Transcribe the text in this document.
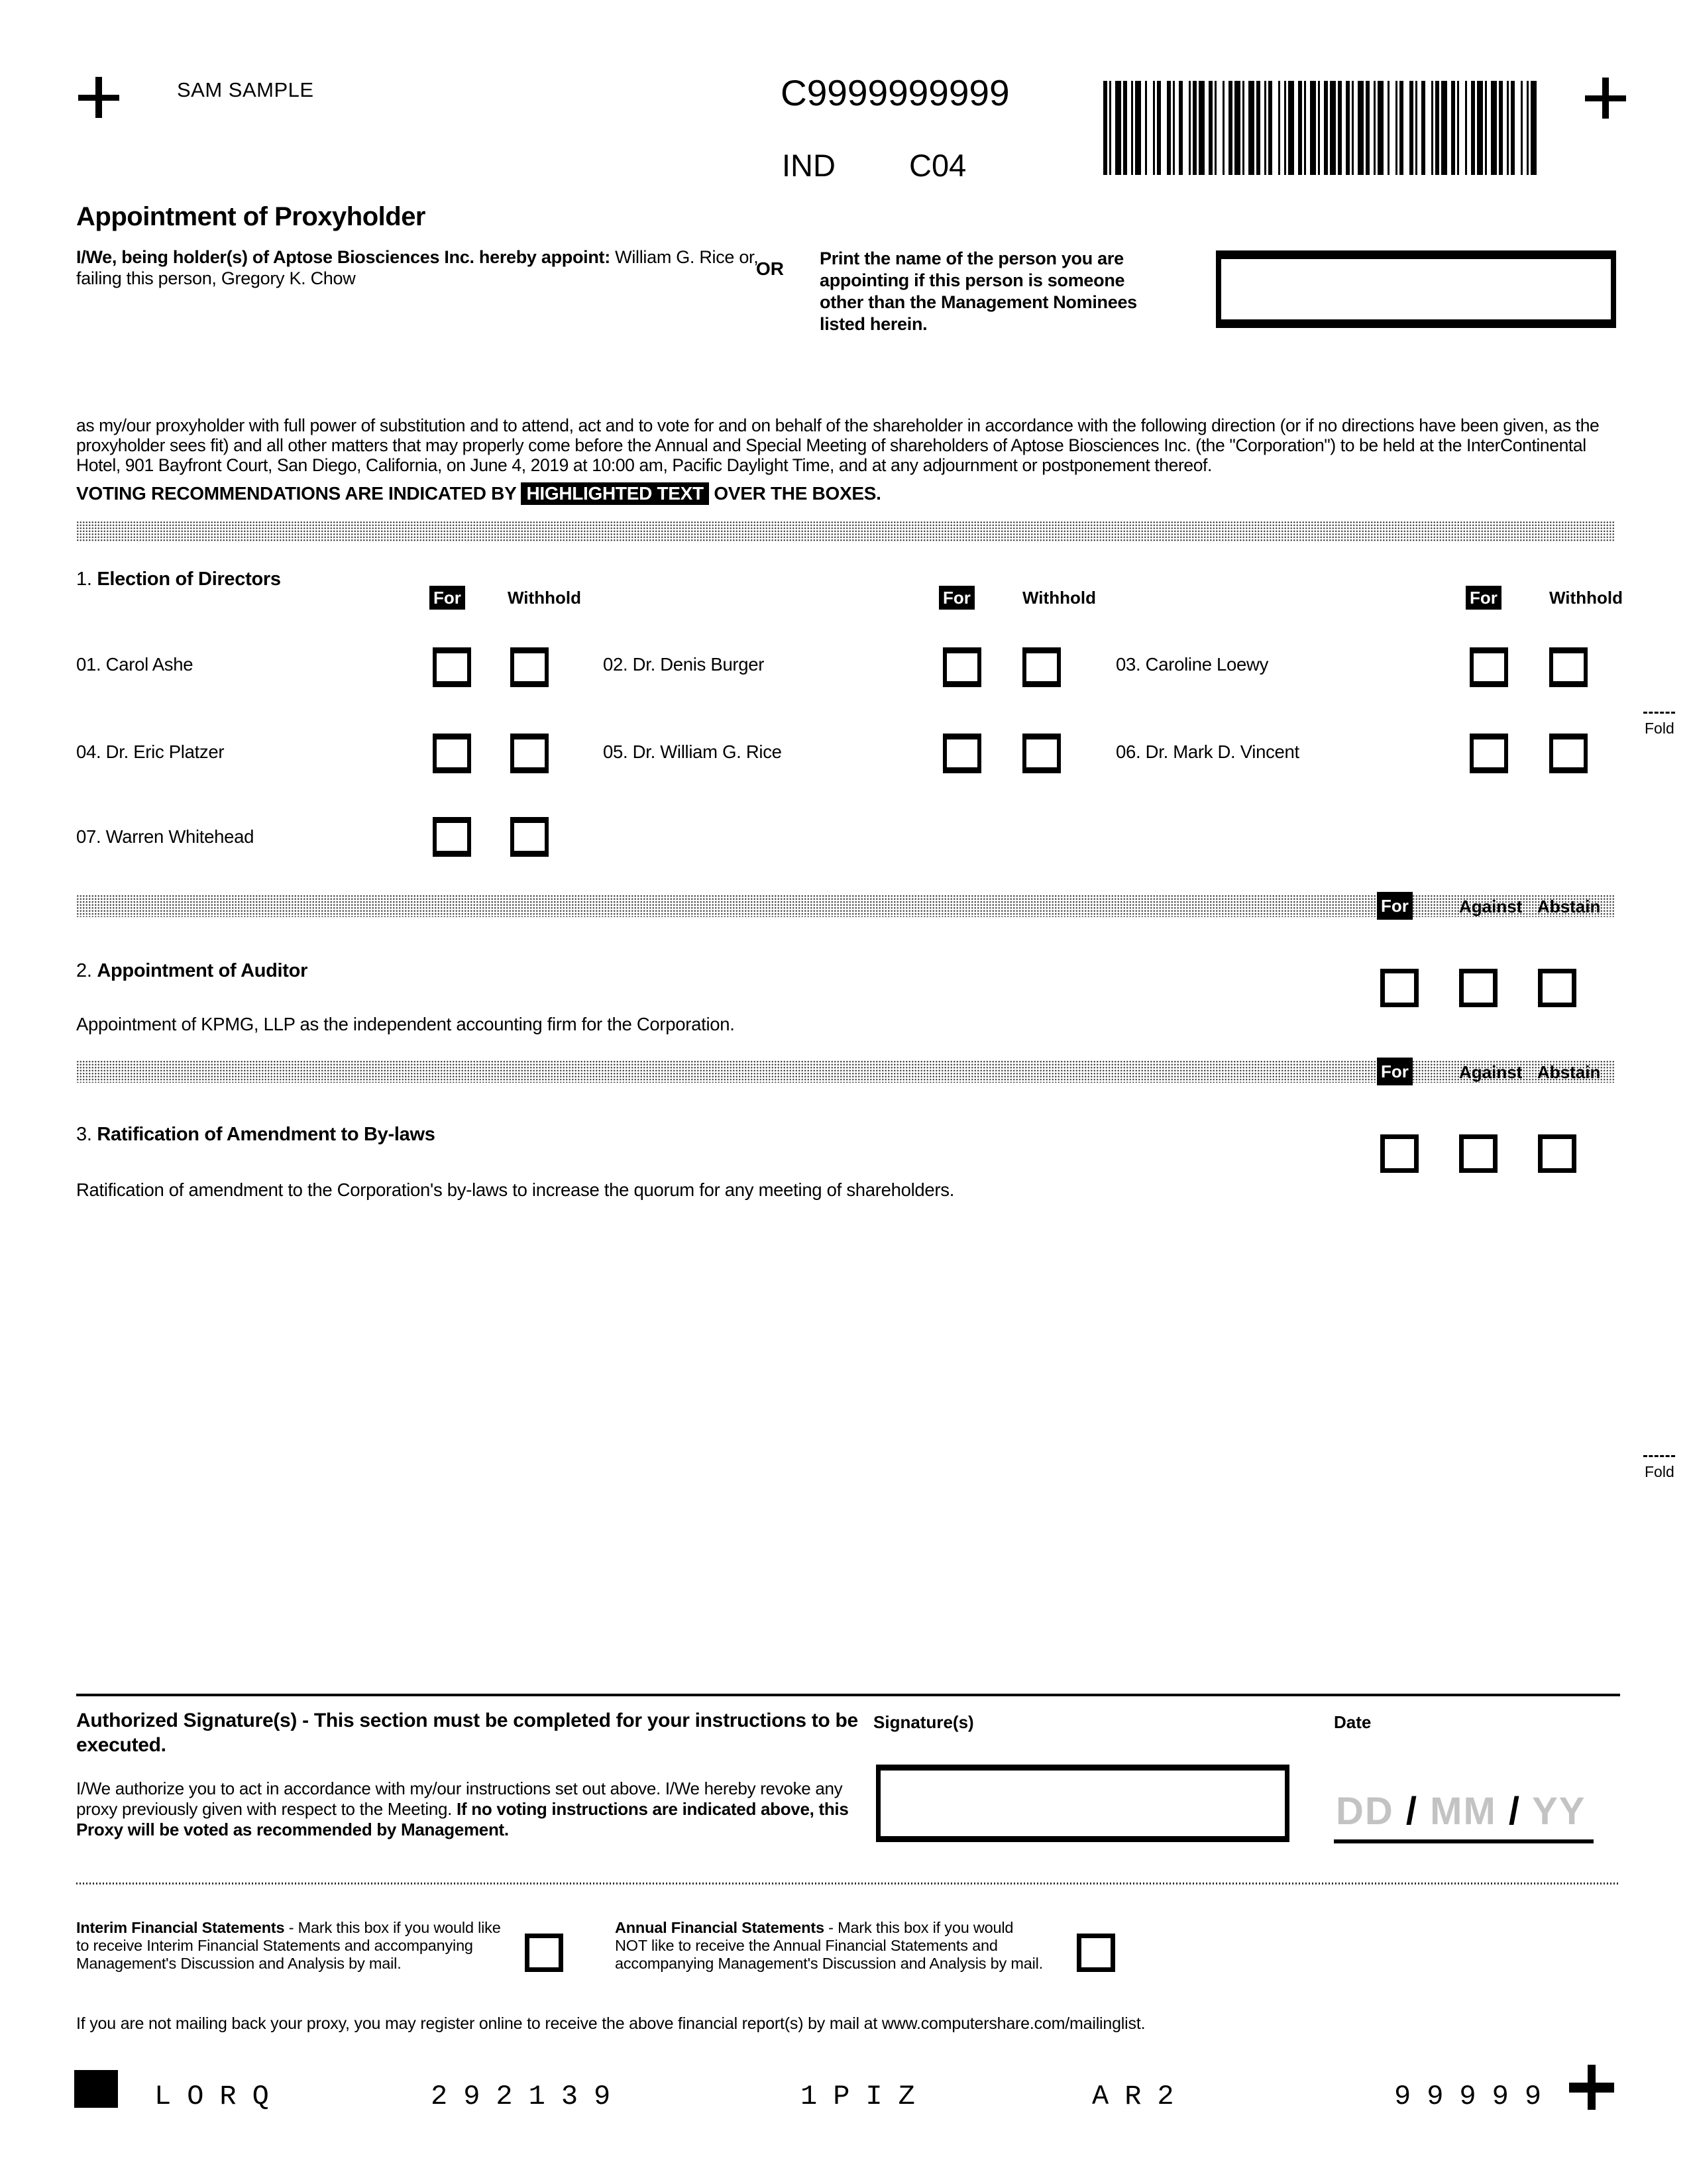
SAM SAMPLE	C9999999999
IND C04
Appointment of Proxyholder
I/We, being holder(s) of Aptose Biosciences Inc. hereby appoint: William G. Rice or, failing this person, Gregory K. Chow	OR Print the name of the person you are appointing if this person is someone other than the Management Nominees listed herein.
as my/our proxyholder with full power of substitution and to attend, act and to vote for and on behalf of the shareholder in accordance with the following direction (or if no directions have been given, as the proxyholder sees fit) and all other matters that may properly come before the Annual and Special Meeting of shareholders of Aptose Biosciences Inc. (the "Corporation") to be held at the InterContinental Hotel, 901 Bayfront Court, San Diego, California, on June 4, 2019 at 10:00 am, Pacific Daylight Time, and at any adjournment or postponement thereof.
VOTING RECOMMENDATIONS ARE INDICATED BY HIGHLIGHTED TEXT OVER THE BOXES.
Fold
Fold
1. Election of Directors
For	Withhold	For	Withhold	For	Withhold
01. Carol Ashe	02. Dr. Denis Burger	03. Caroline Loewy
04. Dr. Eric Platzer	05. Dr. William G. Rice	06. Dr. Mark D. Vincent
07. Warren Whitehead
For	Against Abstain
2. Appointment of Auditor
Appointment of KPMG, LLP as the independent accounting firm for the Corporation.
For	Against Abstain
3. Ratification of Amendment to By-laws
Ratification of amendment to the Corporation's by-laws to increase the quorum for any meeting of shareholders.
Authorized Signature(s) - This section must be completed for your instructions to be executed.
I/We authorize you to act in accordance with my/our instructions set out above. I/We hereby revoke any proxy previously given with respect to the Meeting. If no voting instructions are indicated above, this Proxy will be voted as recommended by Management.
Signature(s)	Date
DD / MM / YY
Interim Financial Statements - Mark this box if you would like to receive Interim Financial Statements and accompanying Management's Discussion and Analysis by mail.
Annual Financial Statements - Mark this box if you would NOT like to receive the Annual Financial Statements and accompanying Management's Discussion and Analysis by mail.
If you are not mailing back your proxy, you may register online to receive the above financial report(s) by mail at www.computershare.com/mailinglist.
LORQ	292139	1PIZ	AR2	99999
